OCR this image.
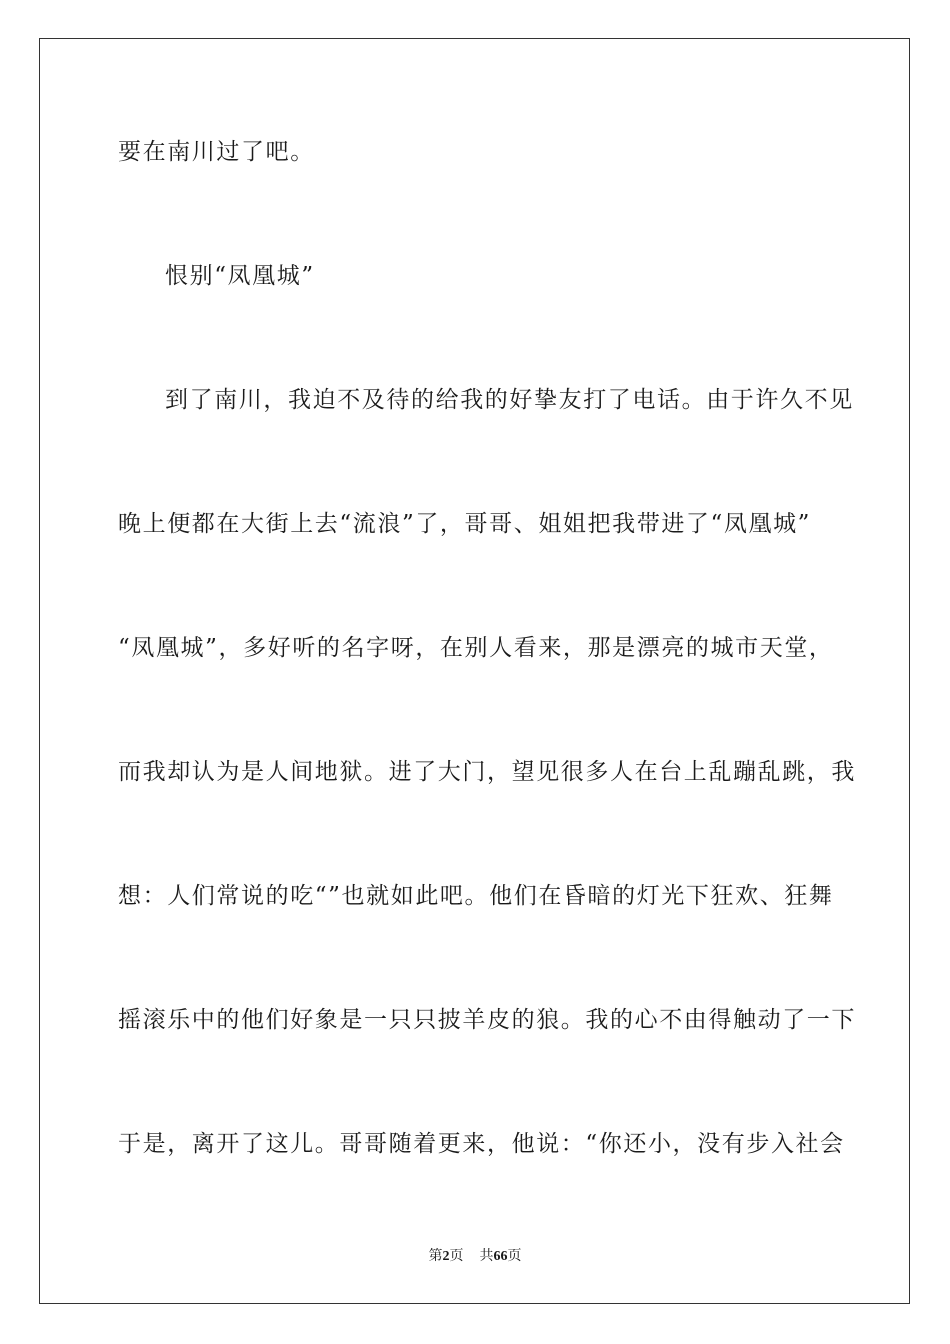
要在南川过了吧。
恨别“凤凰城”
到了南川，我迫不及待的给我的好挚友打了电话。由于许久不见
晚上便都在大街上去“流浪”了，哥哥、姐姐把我带进了“凤凰城”
“凤凰城”，多好听的名字呀，在别人看来，那是漂亮的城市天堂，
而我却认为是人间地狱。进了大门，望见很多人在台上乱蹦乱跳，我
想：人们常说的吃“”也就如此吧。他们在昏暗的灯光下狂欢、狂舞
摇滚乐中的他们好象是一只只披羊皮的狼。我的心不由得触动了一下
于是，离开了这儿。哥哥随着更来，他说：“你还小，没有步入社会
第2页 共66页
